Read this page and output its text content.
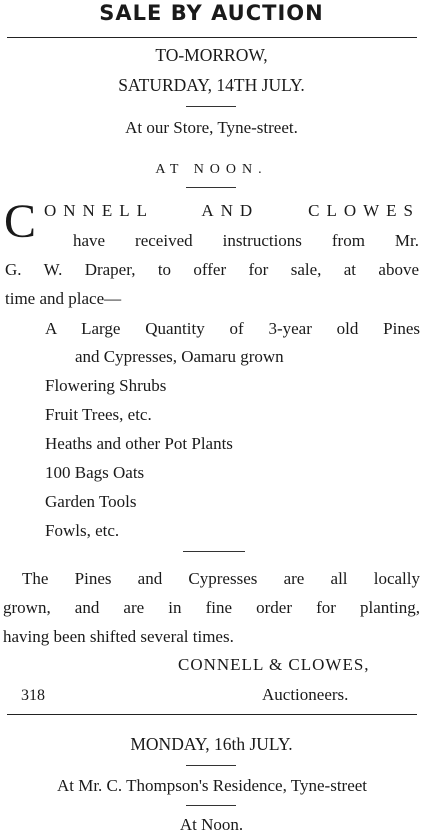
SALE BY AUCTION
TO-MORROW,
SATURDAY, 14TH JULY.
At our Store, Tyne-street.
AT NOON.
C ONNELL AND CLOWES
have received instructions from Mr.
G. W. Draper, to offer for sale, at above
time and place—
A Large Quantity of 3-year old Pines
and Cypresses, Oamaru grown
Flowering Shrubs
Fruit Trees, etc.
Heaths and other Pot Plants
100 Bags Oats
Garden Tools
Fowls, etc.
The Pines and Cypresses are all locally
grown, and are in fine order for planting,
having been shifted several times.
CONNELL & CLOWES,
318	Auctioneers.
MONDAY, 16th JULY.
At Mr. C. Thompson's Residence, Tyne-street
At Noon.
